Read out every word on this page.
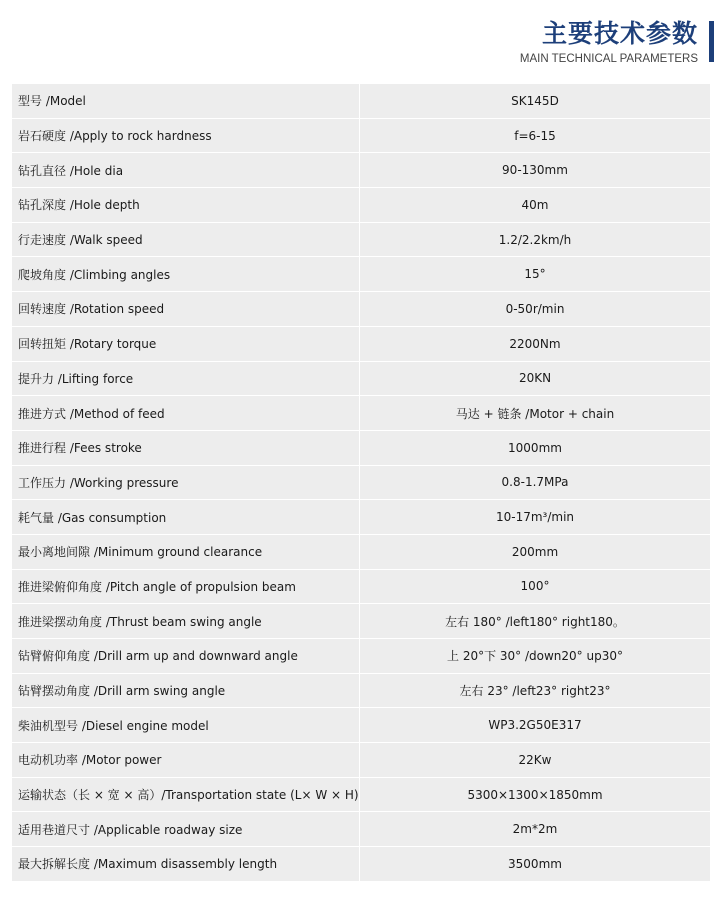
主要技术参数
MAIN TECHNICAL PARAMETERS
型号 /Model	SK145D
岩石硬度 /Apply to rock hardness	f=6-15
钻孔直径 /Hole dia	90-130mm
钻孔深度 /Hole depth	40m
行走速度 /Walk speed	1.2/2.2km/h
爬坡角度 /Climbing angles	15°
回转速度 /Rotation speed	0-50r/min
回转扭矩 /Rotary torque	2200Nm
提升力 /Lifting force	20KN
推进方式 /Method of feed	马达 + 链条 /Motor + chain
推进行程 /Fees stroke	1000mm
工作压力 /Working pressure	0.8-1.7MPa
耗气量 /Gas consumption	10-17m³/min
最小离地间隙 /Minimum ground clearance	200mm
推进梁俯仰角度 /Pitch angle of propulsion beam	100°
推进梁摆动角度 /Thrust beam swing angle	左右 180° /left180° right180。
钻臂俯仰角度 /Drill arm up and downward angle	上 20°下 30° /down20° up30°
钻臂摆动角度 /Drill arm swing angle	左右 23° /left23° right23°
柴油机型号 /Diesel engine model	WP3.2G50E317
电动机功率 /Motor power	22Kw
运输状态（长 × 宽 × 高）/Transportation state (L× W × H)	5300×1300×1850mm
适用巷道尺寸 /Applicable roadway size	2m*2m
最大拆解长度 /Maximum disassembly length	3500mm
